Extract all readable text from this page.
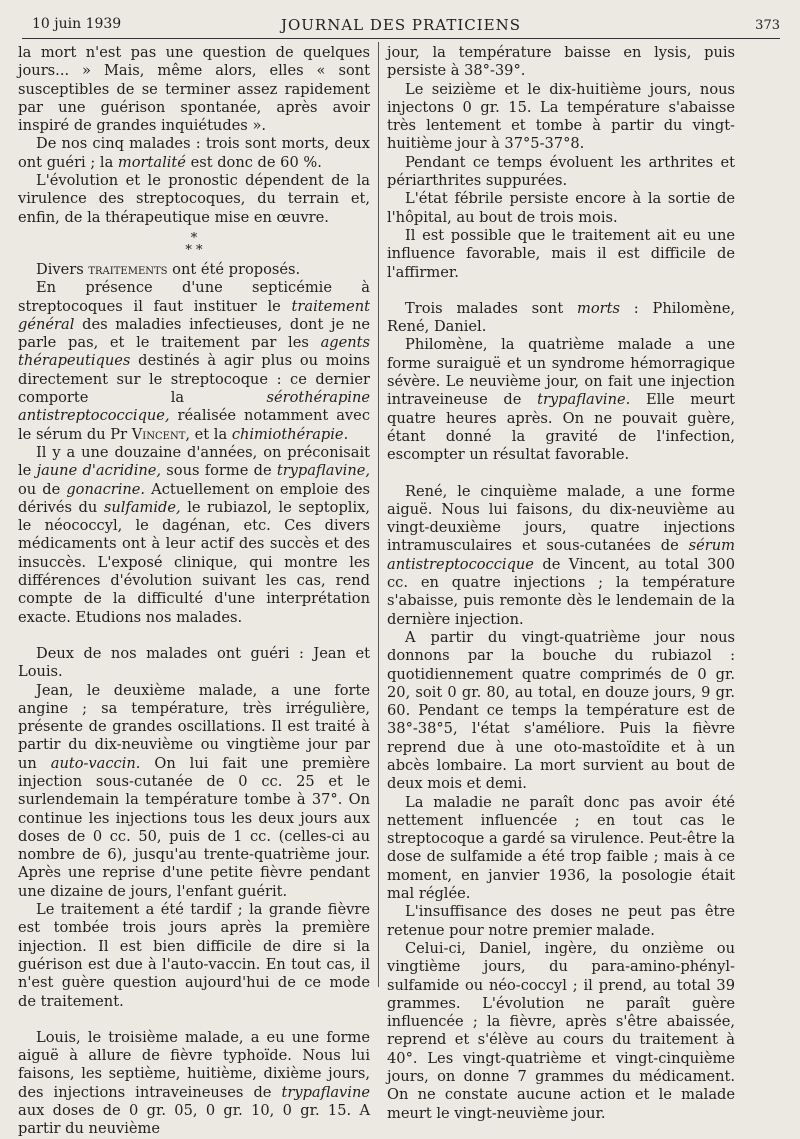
10 juin 1939	JOURNAL DES PRATICIENS	373

la mort n'est pas une question de quelques jours... » Mais, même alors, elles « sont susceptibles de se terminer assez rapidement par une guérison spontanée, après avoir inspiré de grandes inquiétudes ».

De nos cinq malades : trois sont morts, deux ont guéri ; la mortalité est donc de 60 %.

L'évolution et le pronostic dépendent de la virulence des streptocoques, du terrain et, enfin, de la thérapeutique mise en œuvre.

*
* *

Divers traitements ont été proposés.

En présence d'une septicémie à streptocoques il faut instituer le traitement général des maladies infectieuses, dont je ne parle pas, et le traitement par les agents thérapeutiques destinés à agir plus ou moins directement sur le streptocoque : ce dernier comporte la sérothérapine antistreptococcique, réalisée notamment avec le sérum du Pr Vincent, et la chimiothérapie.

Il y a une douzaine d'années, on préconisait le jaune d'acridine, sous forme de trypaflavine, ou de gonacrine. Actuellement on emploie des dérivés du sulfamide, le rubiazol, le septoplix, le néococcyl, le dagénan, etc. Ces divers médicaments ont à leur actif des succès et des insuccès. L'exposé clinique, qui montre les différences d'évolution suivant les cas, rend compte de la difficulté d'une interprétation exacte. Etudions nos malades.

Deux de nos malades ont guéri : Jean et Louis.

Jean, le deuxième malade, a une forte angine ; sa température, très irrégulière, présente de grandes oscillations. Il est traité à partir du dix-neuvième ou vingtième jour par un auto-vaccin. On lui fait une première injection sous-cutanée de 0 cc. 25 et le surlendemain la température tombe à 37°. On continue les injections tous les deux jours aux doses de 0 cc. 50, puis de 1 cc. (celles-ci au nombre de 6), jusqu'au trente-quatrième jour. Après une reprise d'une petite fièvre pendant une dizaine de jours, l'enfant guérit.

Le traitement a été tardif ; la grande fièvre est tombée trois jours après la première injection. Il est bien difficile de dire si la guérison est due à l'auto-vaccin. En tout cas, il n'est guère question aujourd'hui de ce mode de traitement.

Louis, le troisième malade, a eu une forme aiguë à allure de fièvre typhoïde. Nous lui faisons, les septième, huitième, dixième jours, des injections intraveineuses de trypaflavine aux doses de 0 gr. 05, 0 gr. 10, 0 gr. 15. A partir du neuvième

jour, la température baisse en lysis, puis persiste à 38°-39°.

Le seizième et le dix-huitième jours, nous injectons 0 gr. 15. La température s'abaisse très lentement et tombe à partir du vingt-huitième jour à 37°5-37°8.

Pendant ce temps évoluent les arthrites et périarthrites suppurées.

L'état fébrile persiste encore à la sortie de l'hôpital, au bout de trois mois.

Il est possible que le traitement ait eu une influence favorable, mais il est difficile de l'affirmer.

Trois malades sont morts : Philomène, René, Daniel.

Philomène, la quatrième malade a une forme suraiguë et un syndrome hémorragique sévère. Le neuvième jour, on fait une injection intraveineuse de trypaflavine. Elle meurt quatre heures après. On ne pouvait guère, étant donné la gravité de l'infection, escompter un résultat favorable.

René, le cinquième malade, a une forme aiguë. Nous lui faisons, du dix-neuvième au vingt-deuxième jours, quatre injections intramusculaires et sous-cutanées de sérum antistreptococcique de Vincent, au total 300 cc. en quatre injections ; la température s'abaisse, puis remonte dès le lendemain de la dernière injection.

A partir du vingt-quatrième jour nous donnons par la bouche du rubiazol : quotidiennement quatre comprimés de 0 gr. 20, soit 0 gr. 80, au total, en douze jours, 9 gr. 60. Pendant ce temps la température est de 38°-38°5, l'état s'améliore. Puis la fièvre reprend due à une oto-mastoïdite et à un abcès lombaire. La mort survient au bout de deux mois et demi.

La maladie ne paraît donc pas avoir été nettement influencée ; en tout cas le streptocoque a gardé sa virulence. Peut-être la dose de sulfamide a été trop faible ; mais à ce moment, en janvier 1936, la posologie était mal réglée.

L'insuffisance des doses ne peut pas être retenue pour notre premier malade.

Celui-ci, Daniel, ingère, du onzième ou vingtième jours, du para-amino-phényl-sulfamide ou néo-coccyl ; il prend, au total 39 grammes. L'évolution ne paraît guère influencée ; la fièvre, après s'être abaissée, reprend et s'élève au cours du traitement à 40°. Les vingt-quatrième et vingt-cinquième jours, on donne 7 grammes du médicament. On ne constate aucune action et le malade meurt le vingt-neuvième jour.
